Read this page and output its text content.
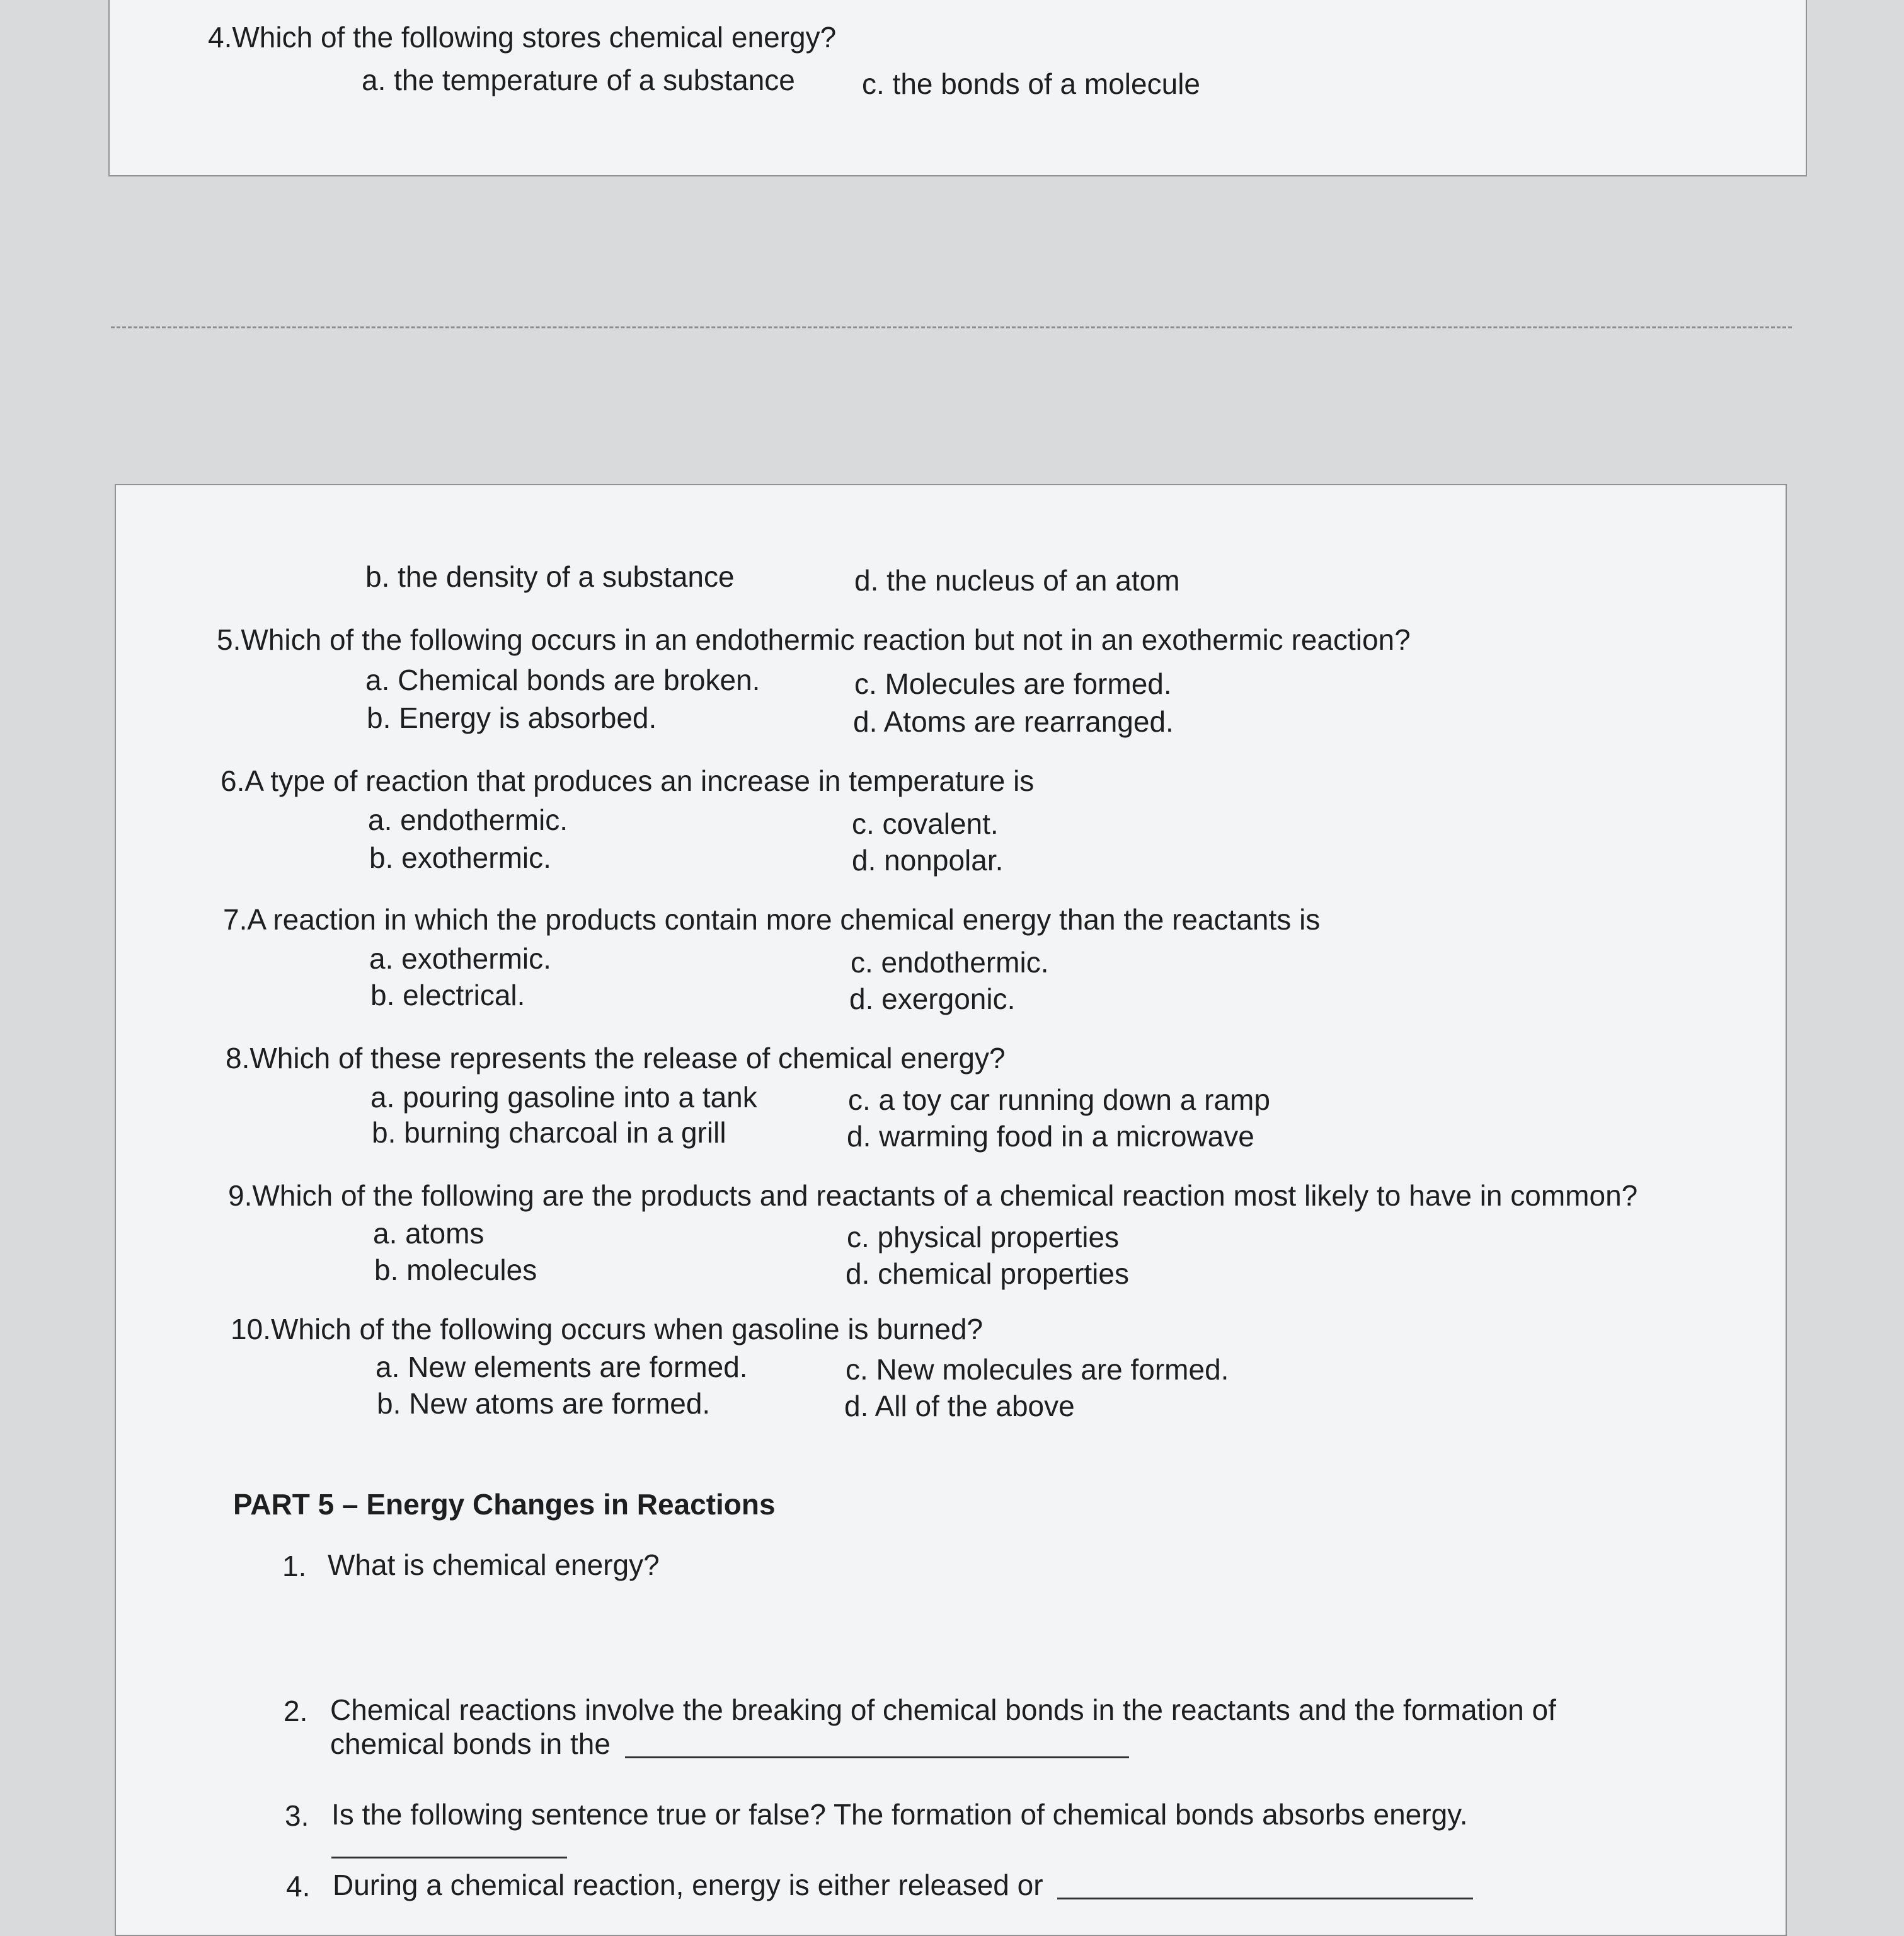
4.Which of the following stores chemical energy?
a. the temperature of a substance c. the bonds of a molecule
b. the density of a substance	d. the nucleus of an atom
5.Which of the following occurs in an endothermic reaction but not in an exothermic reaction?
a. Chemical bonds are broken.	c. Molecules are formed.
b. Energy is absorbed.	d. Atoms are rearranged.
6.A type of reaction that produces an increase in temperature is
a. endothermic.	c. covalent.
b. exothermic.	d. nonpolar.
7.A reaction in which the products contain more chemical energy than the reactants is
a. exothermic.	c. endothermic.
b. electrical.	d. exergonic.
8.Which of these represents the release of chemical energy?
a. pouring gasoline into a tank	c. a toy car running down a ramp
b. burning charcoal in a grill	d. warming food in a microwave
9.Which of the following are the products and reactants of a chemical reaction most likely to have in common?
a. atoms	c. physical properties
b. molecules	d. chemical properties
10.Which of the following occurs when gasoline is burned?
a. New elements are formed.	c. New molecules are formed.
b. New atoms are formed.	d. All of the above
PART 5 – Energy Changes in Reactions
1. What is chemical energy?
2. Chemical reactions involve the breaking of chemical bonds in the reactants and the formation of
chemical bonds in the
3. Is the following sentence true or false? The formation of chemical bonds absorbs energy.
4. During a chemical reaction, energy is either released or
